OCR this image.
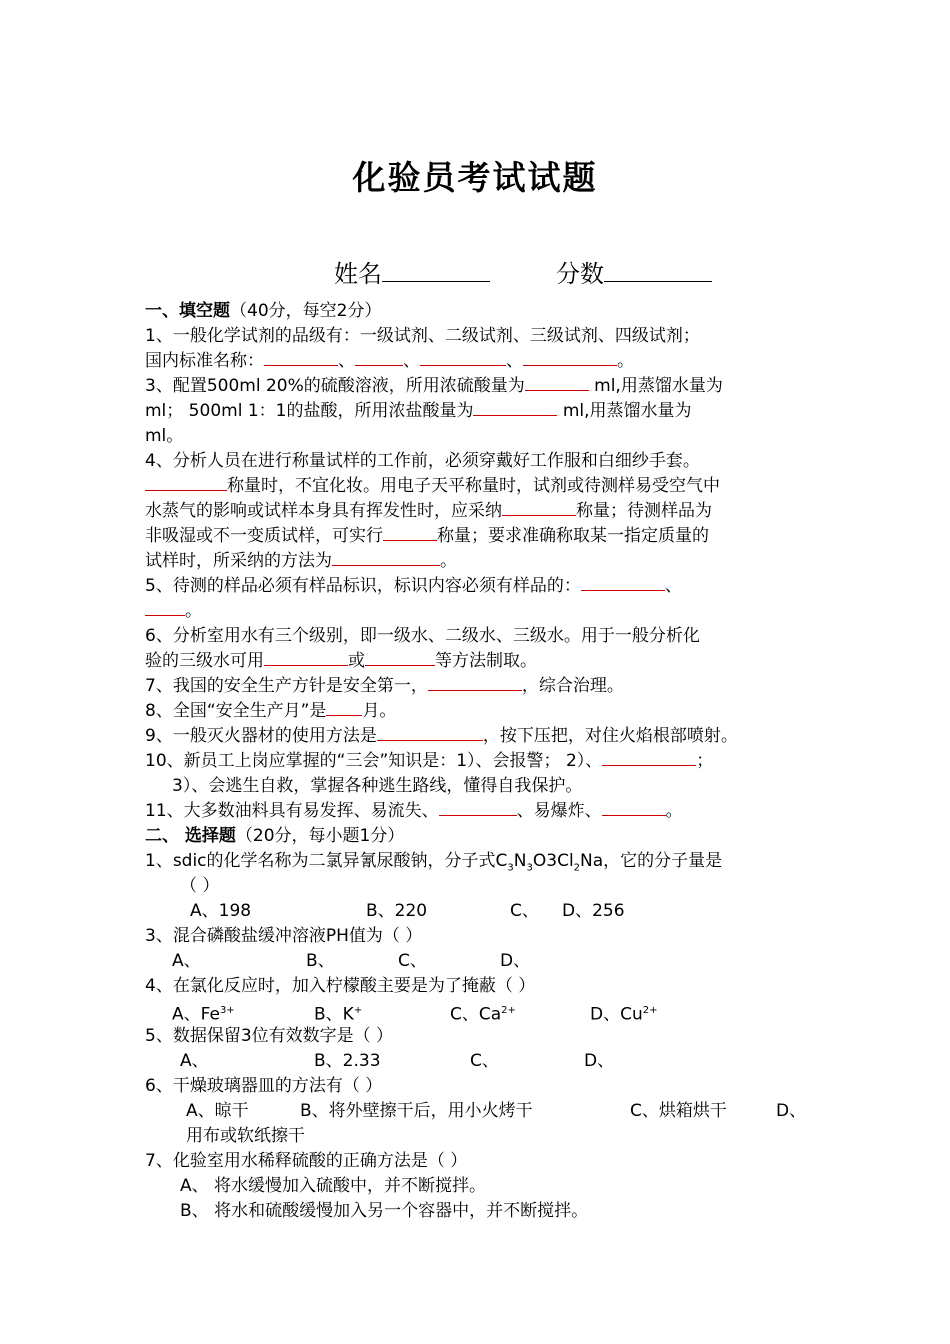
化验员考试试题
姓名	分数
一、填空题（40分，每空2分）
1、一般化学试剂的品级有：一级试剂、二级试剂、三级试剂、四级试剂；
国内标准名称：	、	、	、	。
3、配置500ml 20%的硫酸溶液，所用浓硫酸量为	ml,用蒸馏水量为
ml； 500ml 1：1的盐酸，所用浓盐酸量为	ml,用蒸馏水量为
ml。
4、分析人员在进行称量试样的工作前，必须穿戴好工作服和白细纱手套。
称量时，不宜化妆。用电子天平称量时，试剂或待测样易受空气中
水蒸气的影响或试样本身具有挥发性时，应采纳	称量；待测样品为
非吸湿或不一变质试样，可实行	称量；要求准确称取某一指定质量的
试样时，所采纳的方法为	。
5、待测的样品必须有样品标识，标识内容必须有样品的：	、
。
6、分析室用水有三个级别，即一级水、二级水、三级水。用于一般分析化
验的三级水可用	或	等方法制取。
7、我国的安全生产方针是安全第一，	，综合治理。
8、全国“安全生产月”是 月。
9、一般灭火器材的使用方法是	，按下压把，对住火焰根部喷射。
10、新员工上岗应掌握的“三会”知识是：1）、会报警； 2）、	；
3）、会逃生自救，掌握各种逃生路线，懂得自我保护。
11、大多数油料具有易发挥、易流失、	、易爆炸、	。
二、 选择题（20分，每小题1分）
1、sdic的化学名称为二氯异氰尿酸钠，分子式$C_3N_3O3Cl_2Na$，它的分子量是
（ ）
A、198	B、220	C、 D、256
3、混合磷酸盐缓冲溶液PH值为（ ）
A、	B、	C、	D、
4、在氯化反应时，加入柠檬酸主要是为了掩蔽（ ）
A、$Fe^{3+}$	B、K+	C、$Ca^{2+}$	D、$Cu^{2+}$
5、数据保留3位有效数字是（ ）
A、	B、2.33	C、	D、
6、干燥玻璃器皿的方法有（ ）
A、晾干	B、将外壁擦干后，用小火烤干	C、烘箱烘干	D、
用布或软纸擦干
7、化验室用水稀释硫酸的正确方法是（ ）
A、 将水缓慢加入硫酸中，并不断搅拌。
B、 将水和硫酸缓慢加入另一个容器中，并不断搅拌。
